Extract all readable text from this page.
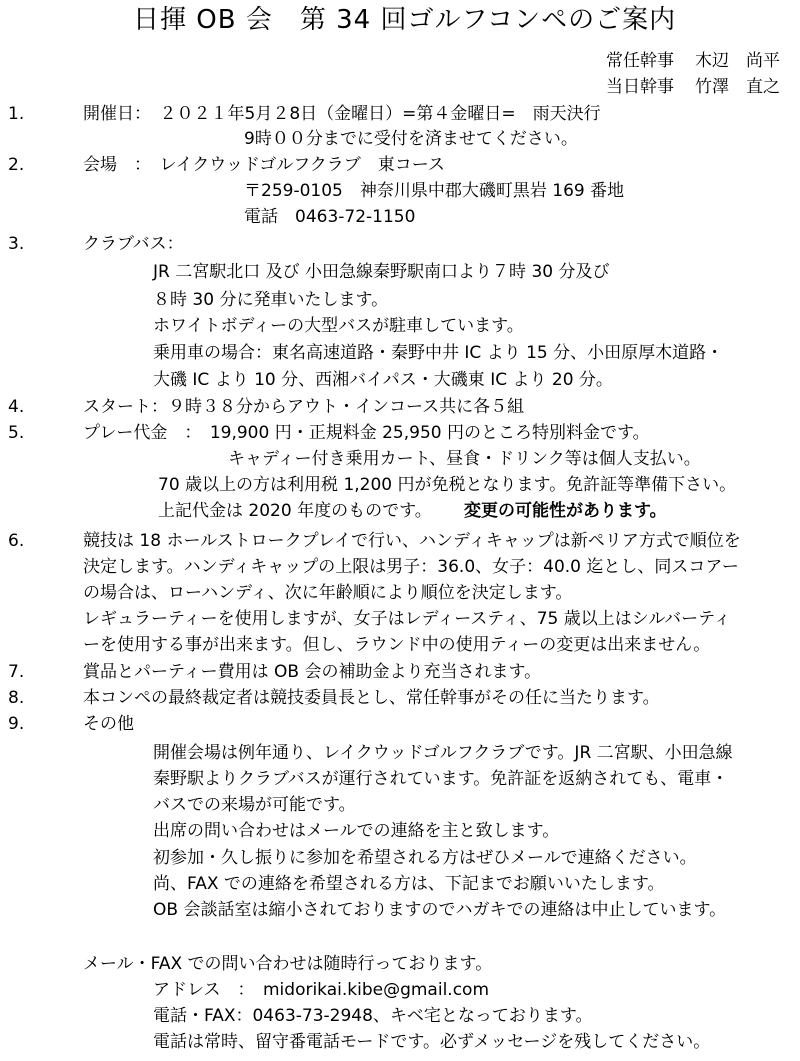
日揮 OB 会　第 34 回ゴルフコンペのご案内
常任幹事 木辺　尚平
当日幹事 竹澤　直之
1.	開催日：　２０２１年5月２8日（金曜日）=第４金曜日=　雨天決行
9時００分までに受付を済ませてください。
2.	会場　：　レイクウッドゴルフクラブ　東コース
〒259-0105　神奈川県中郡大磯町黒岩 169 番地
電話　0463-72-1150
3.	クラブバス：
JR 二宮駅北口 及び 小田急線秦野駅南口より７時 30 分及び
８時 30 分に発車いたします。
ホワイトボディーの大型バスが駐車しています。
乗用車の場合：東名高速道路・秦野中井 IC より 15 分、小田原厚木道路・
大磯 IC より 10 分、西湘バイパス・大磯東 IC より 20 分。
4.	スタート：９時３８分からアウト・インコース共に各５組
5.	プレー代金　：　19,900 円・正規料金 25,950 円のところ特別料金です。
キャディー付き乗用カート、昼食・ドリンク等は個人支払い。
70 歳以上の方は利用税 1,200 円が免税となります。免許証等準備下さい。
上記代金は 2020 年度のものです。 変更の可能性があります。
6.	競技は 18 ホールストロークプレイで行い、ハンディキャップは新ペリア方式で順位を
決定します。ハンディキャップの上限は男子：36.0、女子：40.0 迄とし、同スコアー
の場合は、ローハンディ、次に年齢順により順位を決定します。
レギュラーティーを使用しますが、女子はレディースティ、75 歳以上はシルバーティ
ーを使用する事が出来ます。但し、ラウンド中の使用ティーの変更は出来ません。
7.	賞品とパーティー費用は OB 会の補助金より充当されます。
8.	本コンペの最終裁定者は競技委員長とし、常任幹事がその任に当たります。
9.	その他
開催会場は例年通り、レイクウッドゴルフクラブです。JR 二宮駅、小田急線
秦野駅よりクラブバスが運行されています。免許証を返納されても、電車・
バスでの来場が可能です。
出席の問い合わせはメールでの連絡を主と致します。
初参加・久し振りに参加を希望される方はぜひメールで連絡ください。
尚、FAX での連絡を希望される方は、下記までお願いいたします。
OB 会談話室は縮小されておりますのでハガキでの連絡は中止しています。
メール・FAX での問い合わせは随時行っております。
アドレス　：　midorikai.kibe@gmail.com
電話・FAX：0463-73-2948、キベ宅となっております。
電話は常時、留守番電話モードです。必ずメッセージを残してください。
